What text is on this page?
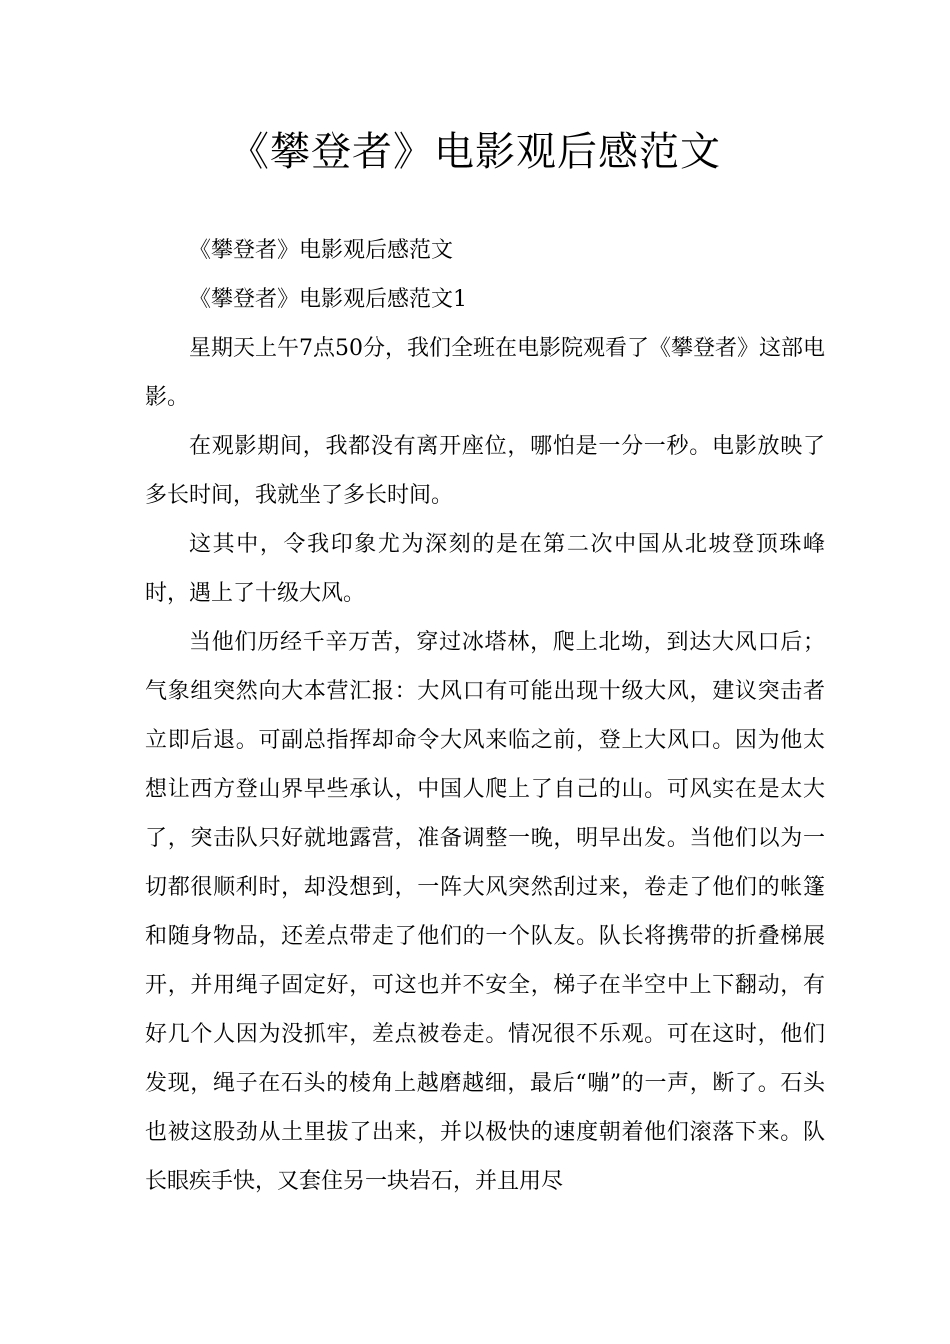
《攀登者》电影观后感范文

《攀登者》电影观后感范文

《攀登者》电影观后感范文1

星期天上午7点50分，我们全班在电影院观看了《攀登者》这部电影。

在观影期间，我都没有离开座位，哪怕是一分一秒。电影放映了多长时间，我就坐了多长时间。

这其中，令我印象尤为深刻的是在第二次中国从北坡登顶珠峰时，遇上了十级大风。

当他们历经千辛万苦，穿过冰塔林，爬上北坳，到达大风口后；气象组突然向大本营汇报：大风口有可能出现十级大风，建议突击者立即后退。可副总指挥却命令大风来临之前，登上大风口。因为他太想让西方登山界早些承认，中国人爬上了自己的山。可风实在是太大了，突击队只好就地露营，准备调整一晚，明早出发。当他们以为一切都很顺利时，却没想到，一阵大风突然刮过来，卷走了他们的帐篷和随身物品，还差点带走了他们的一个队友。队长将携带的折叠梯展开，并用绳子固定好，可这也并不安全，梯子在半空中上下翻动，有好几个人因为没抓牢，差点被卷走。情况很不乐观。可在这时，他们发现，绳子在石头的棱角上越磨越细，最后“嘣”的一声，断了。石头也被这股劲从土里拔了出来，并以极快的速度朝着他们滚落下来。队长眼疾手快，又套住另一块岩石，并且用尽
